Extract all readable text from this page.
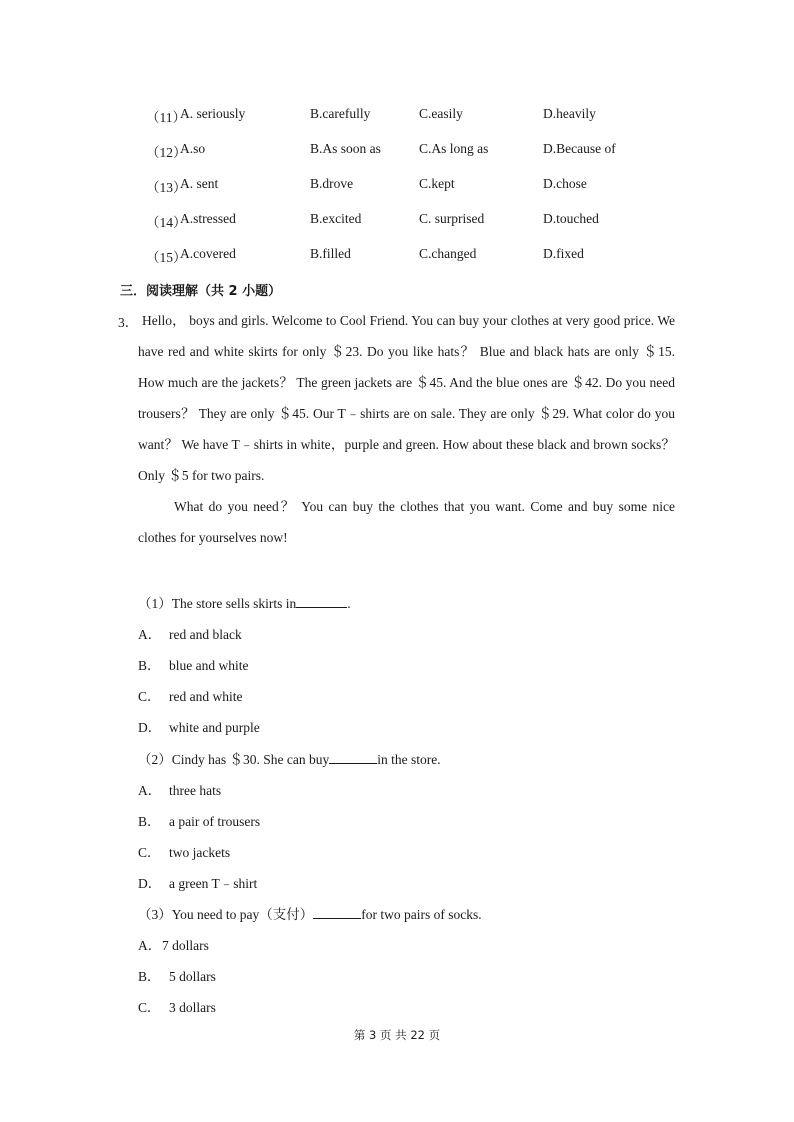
（11）
A. seriously	B.carefully	C.easily	D.heavily
（12）
A.so	B.As soon as	C.As long as	D.Because of
（13）
A. sent	B.drove	C.kept	D.chose
（14）
A.stressed	B.excited	C. surprised	D.touched
（15）
A.covered	B.filled	C.changed	D.fixed
三．阅读理解（共 2 小题）
3． Hello， boys and girls. Welcome to Cool Friend. You can buy your clothes at very good price. We have red and white skirts for only ＄23. Do you like hats？ Blue and black hats are only ＄15. How much are the jackets？ The green jackets are ＄45. And the blue ones are ＄42. Do you need trousers？ They are only ＄45. Our T﹣shirts are on sale. They are only ＄29. What color do you want？ We have T﹣shirts in white，purple and green. How about these black and brown socks？ Only ＄5 for two pairs.
What do you need？ You can buy the clothes that you want. Come and buy some nice clothes for yourselves now!
（1）The store sells skirts in	.
A． red and black
B． blue and white
C． red and white
D． white and purple
（2）Cindy has ＄30. She can buy	in the store.
A． three hats
B． a pair of trousers
C． two jackets
D． a green T﹣shirt
（3）You need to pay（支付）	for two pairs of socks.
A．7 dollars
B． 5 dollars
C． 3 dollars
第 3 页 共 22 页
